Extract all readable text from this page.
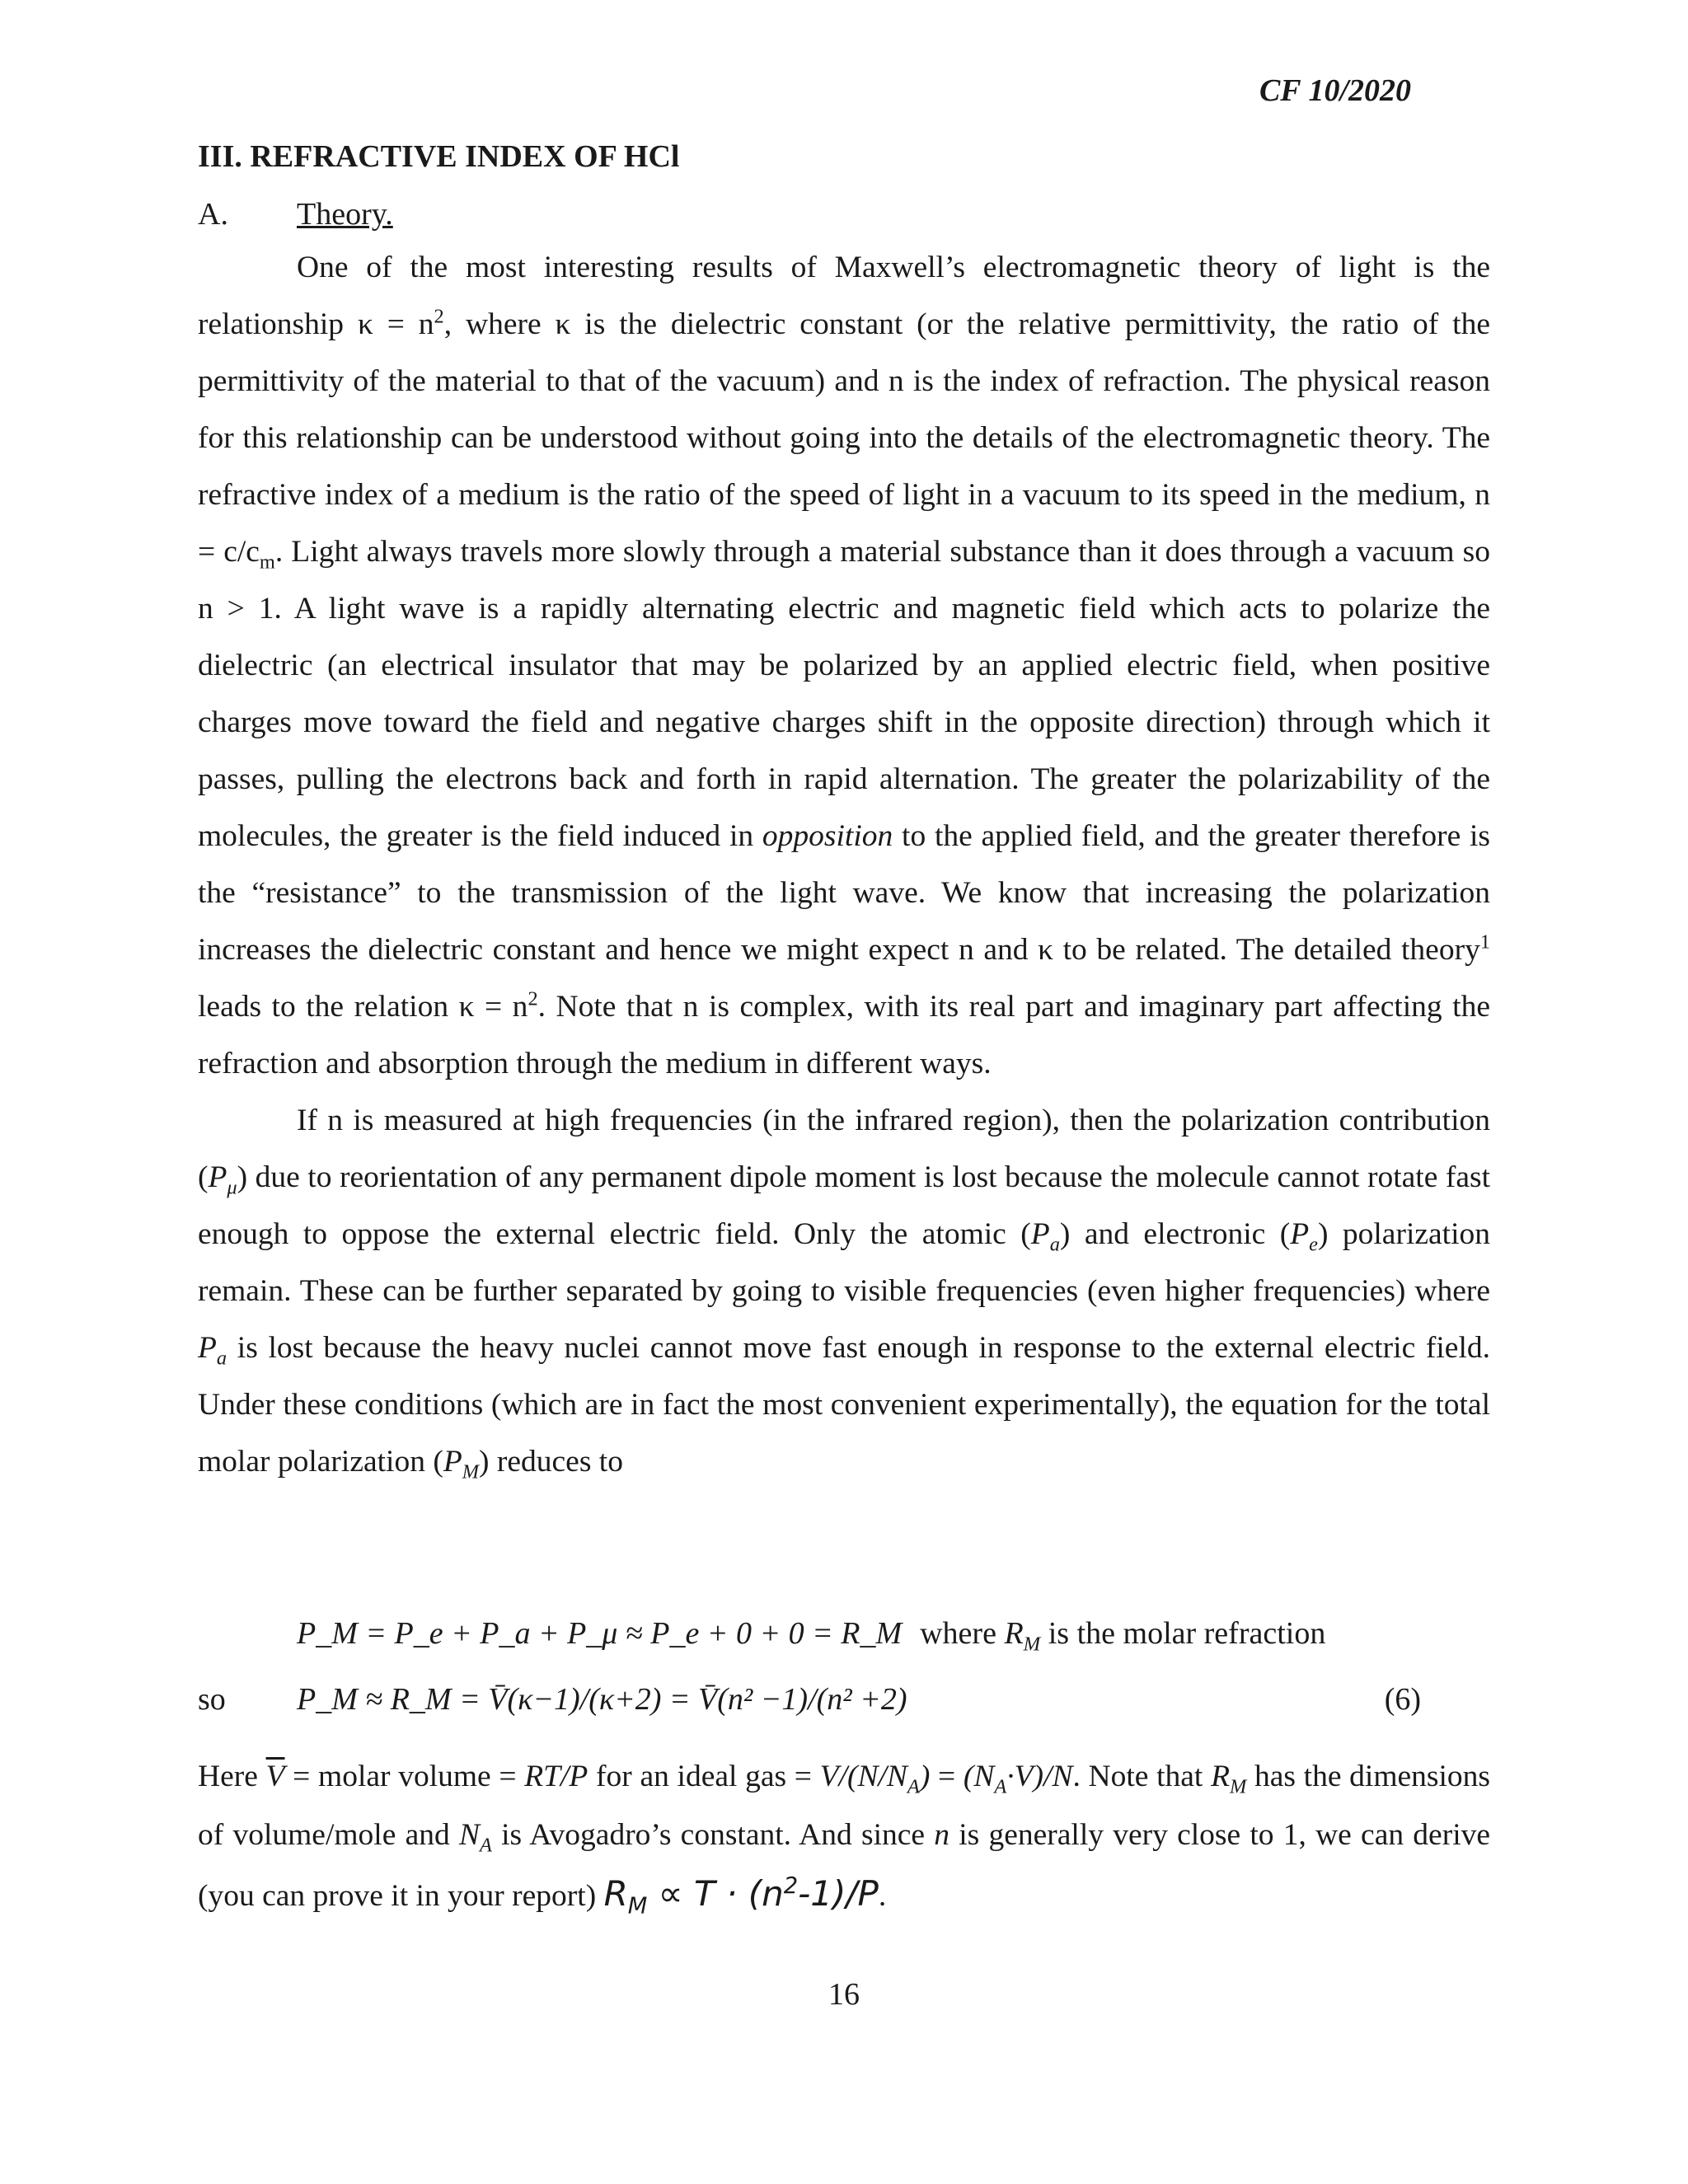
CF 10/2020
III. REFRACTIVE INDEX OF HCl
A. Theory.

One of the most interesting results of Maxwell’s electromagnetic theory of light is the relationship $\kappa = n^2$, where κ is the dielectric constant (or the relative permittivity, the ratio of the permittivity of the material to that of the vacuum) and n is the index of refraction. The physical reason for this relationship can be understood without going into the details of the electromagnetic theory. The refractive index of a medium is the ratio of the speed of light in a vacuum to its speed in the medium, $n = c/c_m$. Light always travels more slowly through a material substance than it does through a vacuum so n > 1. A light wave is a rapidly alternating electric and magnetic field which acts to polarize the dielectric (an electrical insulator that may be polarized by an applied electric field, when positive charges move toward the field and negative charges shift in the opposite direction) through which it passes, pulling the electrons back and forth in rapid alternation. The greater the polarizability of the molecules, the greater is the field induced in opposition to the applied field, and the greater therefore is the “resistance” to the transmission of the light wave. We know that increasing the polarization increases the dielectric constant and hence we might expect n and κ to be related. The detailed theory$^1$ leads to the relation $\kappa = n^2$. Note that n is complex, with its real part and imaginary part affecting the refraction and absorption through the medium in different ways.

If n is measured at high frequencies (in the infrared region), then the polarization contribution $(P_\mu)$ due to reorientation of any permanent dipole moment is lost because the molecule cannot rotate fast enough to oppose the external electric field. Only the atomic $(P_a)$ and electronic $(P_e)$ polarization remain. These can be further separated by going to visible frequencies (even higher frequencies) where $P_a$ is lost because the heavy nuclei cannot move fast enough in response to the external electric field. Under these conditions (which are in fact the most convenient experimentally), the equation for the total molar polarization $(P_M)$ reduces to

P_M = P_e + P_a + P_μ ≈ P_e + 0 + 0 = R_M where $R_M$ is the molar refraction
so P_M ≈ R_M = V̄(κ−1)/(κ+2) = V̄(n² −1)/(n² +2)	(6)

Here $\overline{V}$ = molar volume = RT/P for an ideal gas = $V/(N/N_A) = (N_A\cdot V)/N$. Note that $R_M$ has the dimensions of volume/mole and $N_A$ is Avogadro’s constant. And since n is generally very close to 1, we can derive (you can prove it in your report) $R_M \propto T \cdot (n^2-1)/P$.

16
